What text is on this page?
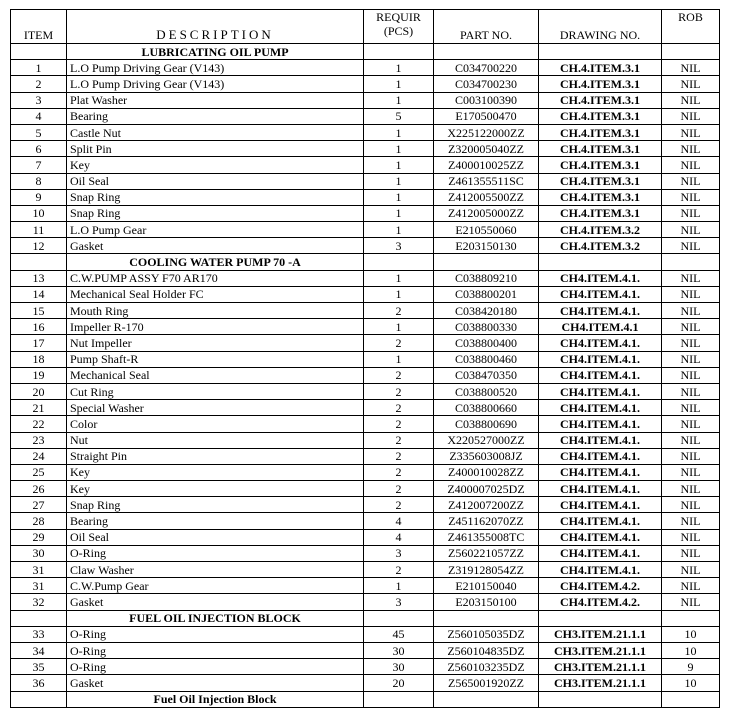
ITEM	DESCRIPTION	REQUIR
(PCS)	PART NO.	DRAWING NO.	ROB
	LUBRICATING OIL PUMP				
1	L.O Pump Driving Gear (V143)	1	C034700220	CH.4.ITEM.3.1	NIL
2	L.O Pump Driving Gear (V143)	1	C034700230	CH.4.ITEM.3.1	NIL
3	Plat Washer	1	C003100390	CH.4.ITEM.3.1	NIL
4	Bearing	5	E170500470	CH.4.ITEM.3.1	NIL
5	Castle Nut	1	X225122000ZZ	CH.4.ITEM.3.1	NIL
6	Split Pin	1	Z320005040ZZ	CH.4.ITEM.3.1	NIL
7	Key	1	Z400010025ZZ	CH.4.ITEM.3.1	NIL
8	Oil Seal	1	Z461355511SC	CH.4.ITEM.3.1	NIL
9	Snap Ring	1	Z412005500ZZ	CH.4.ITEM.3.1	NIL
10	Snap Ring	1	Z412005000ZZ	CH.4.ITEM.3.1	NIL
11	L.O Pump Gear	1	E210550060	CH.4.ITEM.3.2	NIL
12	Gasket	3	E203150130	CH.4.ITEM.3.2	NIL
	COOLING WATER PUMP 70 -A				
13	C.W.PUMP ASSY F70 AR170	1	C038809210	CH4.ITEM.4.1.	NIL
14	Mechanical Seal Holder FC	1	C038800201	CH4.ITEM.4.1.	NIL
15	Mouth Ring	2	C038420180	CH4.ITEM.4.1.	NIL
16	Impeller R-170	1	C038800330	CH4.ITEM.4.1	NIL
17	Nut Impeller	2	C038800400	CH4.ITEM.4.1.	NIL
18	Pump Shaft-R	1	C038800460	CH4.ITEM.4.1.	NIL
19	Mechanical Seal	2	C038470350	CH4.ITEM.4.1.	NIL
20	Cut Ring	2	C038800520	CH4.ITEM.4.1.	NIL
21	Special Washer	2	C038800660	CH4.ITEM.4.1.	NIL
22	Color	2	C038800690	CH4.ITEM.4.1.	NIL
23	Nut	2	X220527000ZZ	CH4.ITEM.4.1.	NIL
24	Straight Pin	2	Z335603008JZ	CH4.ITEM.4.1.	NIL
25	Key	2	Z400010028ZZ	CH4.ITEM.4.1.	NIL
26	Key	2	Z400007025DZ	CH4.ITEM.4.1.	NIL
27	Snap Ring	2	Z412007200ZZ	CH4.ITEM.4.1.	NIL
28	Bearing	4	Z451162070ZZ	CH4.ITEM.4.1.	NIL
29	Oil Seal	4	Z461355008TC	CH4.ITEM.4.1.	NIL
30	O-Ring	3	Z560221057ZZ	CH4.ITEM.4.1.	NIL
31	Claw Washer	2	Z319128054ZZ	CH4.ITEM.4.1.	NIL
31	C.W.Pump Gear	1	E210150040	CH4.ITEM.4.2.	NIL
32	Gasket	3	E203150100	CH4.ITEM.4.2.	NIL
	FUEL OIL INJECTION BLOCK				
33	O-Ring	45	Z560105035DZ	CH3.ITEM.21.1.1	10
34	O-Ring	30	Z560104835DZ	CH3.ITEM.21.1.1	10
35	O-Ring	30	Z560103235DZ	CH3.ITEM.21.1.1	9
36	Gasket	20	Z565001920ZZ	CH3.ITEM.21.1.1	10
	Fuel Oil Injection Block				
